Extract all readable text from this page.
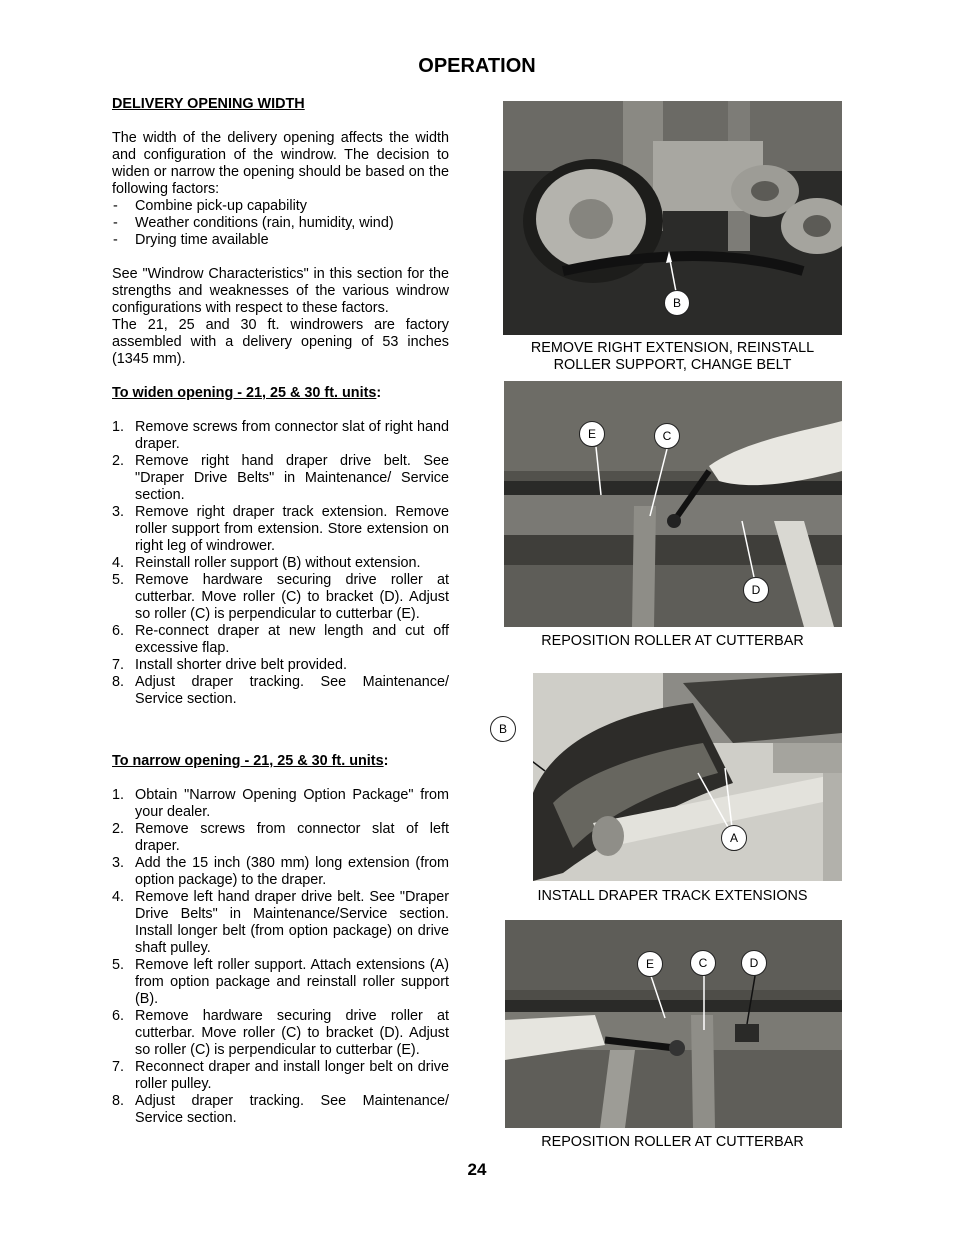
OPERATION
DELIVERY OPENING WIDTH

The width of the delivery opening affects the width and configuration of the windrow. The decision to widen or narrow the opening should be based on the following factors:

- Combine pick-up capability
- Weather conditions (rain, humidity, wind)
- Drying time available

See "Windrow Characteristics" in this section for the strengths and weaknesses of the various windrow configurations with respect to these factors.

The 21, 25 and 30 ft. windrowers are factory assembled with a delivery opening of 53 inches (1345 mm).

To widen opening - 21, 25 & 30 ft. units:
1. Remove screws from connector slat of right hand draper.
2. Remove right hand draper drive belt. See "Draper Drive Belts" in Maintenance/ Service section.
3. Remove right draper track extension. Remove roller support from extension. Store extension on right leg of windrower.
4. Reinstall roller support (B) without extension.
5. Remove hardware securing drive roller at cutterbar. Move roller (C) to bracket (D). Adjust so roller (C) is perpendicular to cutterbar (E).
6. Re-connect draper at new length and cut off excessive flap.
7. Install shorter drive belt provided.
8. Adjust draper tracking. See Maintenance/ Service section.
To narrow opening - 21, 25 & 30 ft. units:
1. Obtain "Narrow Opening Option Package" from your dealer.
2. Remove screws from connector slat of left draper.
3. Add the 15 inch (380 mm) long extension (from option package) to the draper.
4. Remove left hand draper drive belt. See "Draper Drive Belts" in Maintenance/Service section. Install longer belt (from option package) on drive shaft pulley.
5. Remove left roller support. Attach extensions (A) from option package and reinstall roller support (B).
6. Remove hardware securing drive roller at cutterbar. Move roller (C) to bracket (D). Adjust so roller (C) is perpendicular to cutterbar (E).
7. Reconnect draper and install longer belt on drive roller pulley.
8. Adjust draper tracking. See Maintenance/ Service section.
B
REMOVE RIGHT EXTENSION, REINSTALL
ROLLER SUPPORT, CHANGE BELT
E	C
D
REPOSITION ROLLER AT CUTTERBAR
B
A
INSTALL DRAPER TRACK EXTENSIONS
E	C	D
REPOSITION ROLLER AT CUTTERBAR
24
